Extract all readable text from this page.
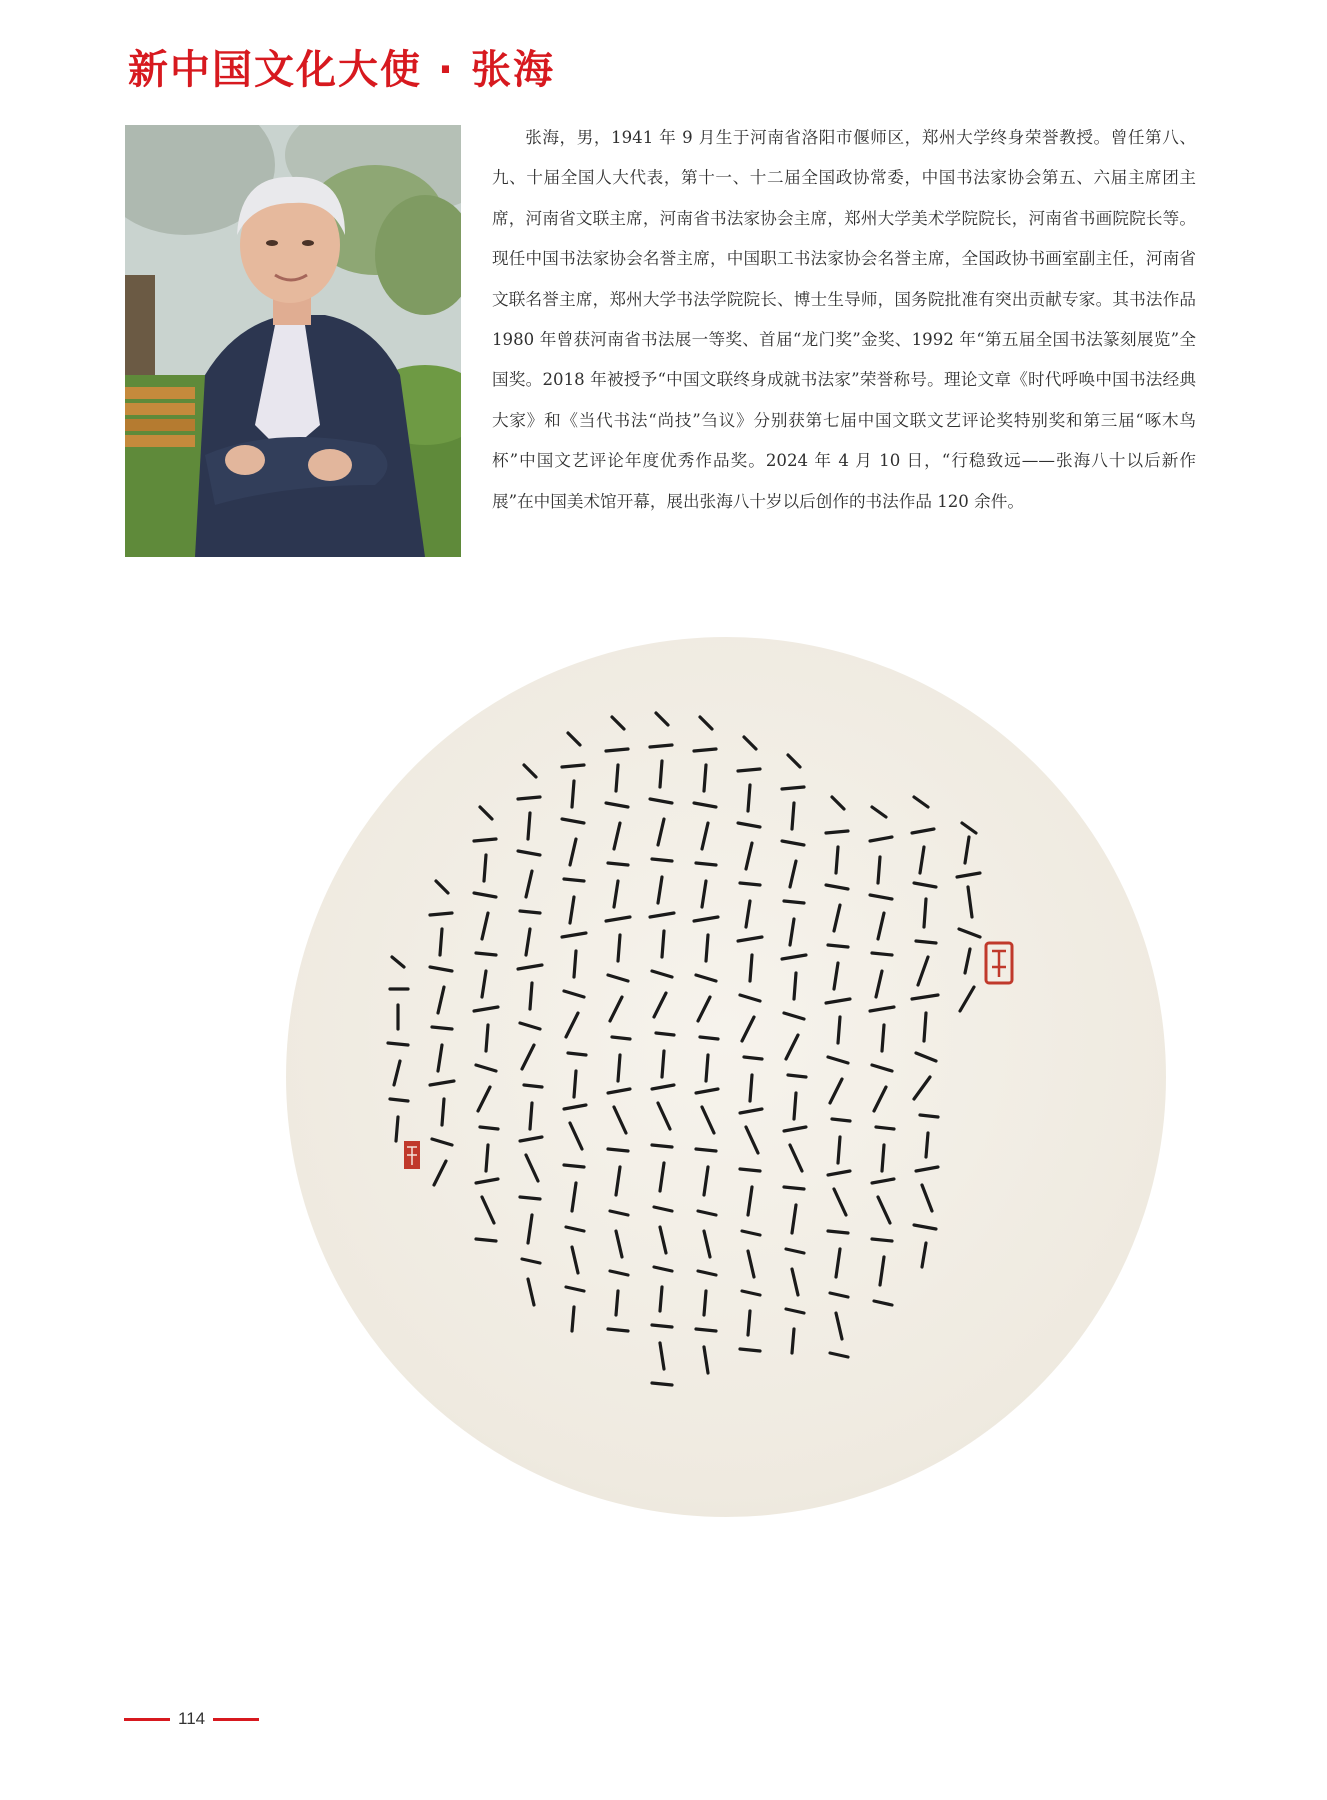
新中国文化大使 · 张海
张海，男，1941 年 9 月生于河南省洛阳市偃师区，郑州大学终身荣誉教授。曾任第八、九、十届全国人大代表，第十一、十二届全国政协常委，中国书法家协会第五、六届主席团主席，河南省文联主席，河南省书法家协会主席，郑州大学美术学院院长，河南省书画院院长等。现任中国书法家协会名誉主席，中国职工书法家协会名誉主席，全国政协书画室副主任，河南省文联名誉主席，郑州大学书法学院院长、博士生导师，国务院批准有突出贡献专家。其书法作品 1980 年曾获河南省书法展一等奖、首届“龙门奖”金奖、1992 年“第五届全国书法篆刻展览”全国奖。2018 年被授予“中国文联终身成就书法家”荣誉称号。理论文章《时代呼唤中国书法经典大家》和《当代书法“尚技”刍议》分别获第七届中国文联文艺评论奖特别奖和第三届“啄木鸟杯”中国文艺评论年度优秀作品奖。2024 年 4 月 10 日，“行稳致远——张海八十以后新作展”在中国美术馆开幕，展出张海八十岁以后创作的书法作品 120 余件。
114
